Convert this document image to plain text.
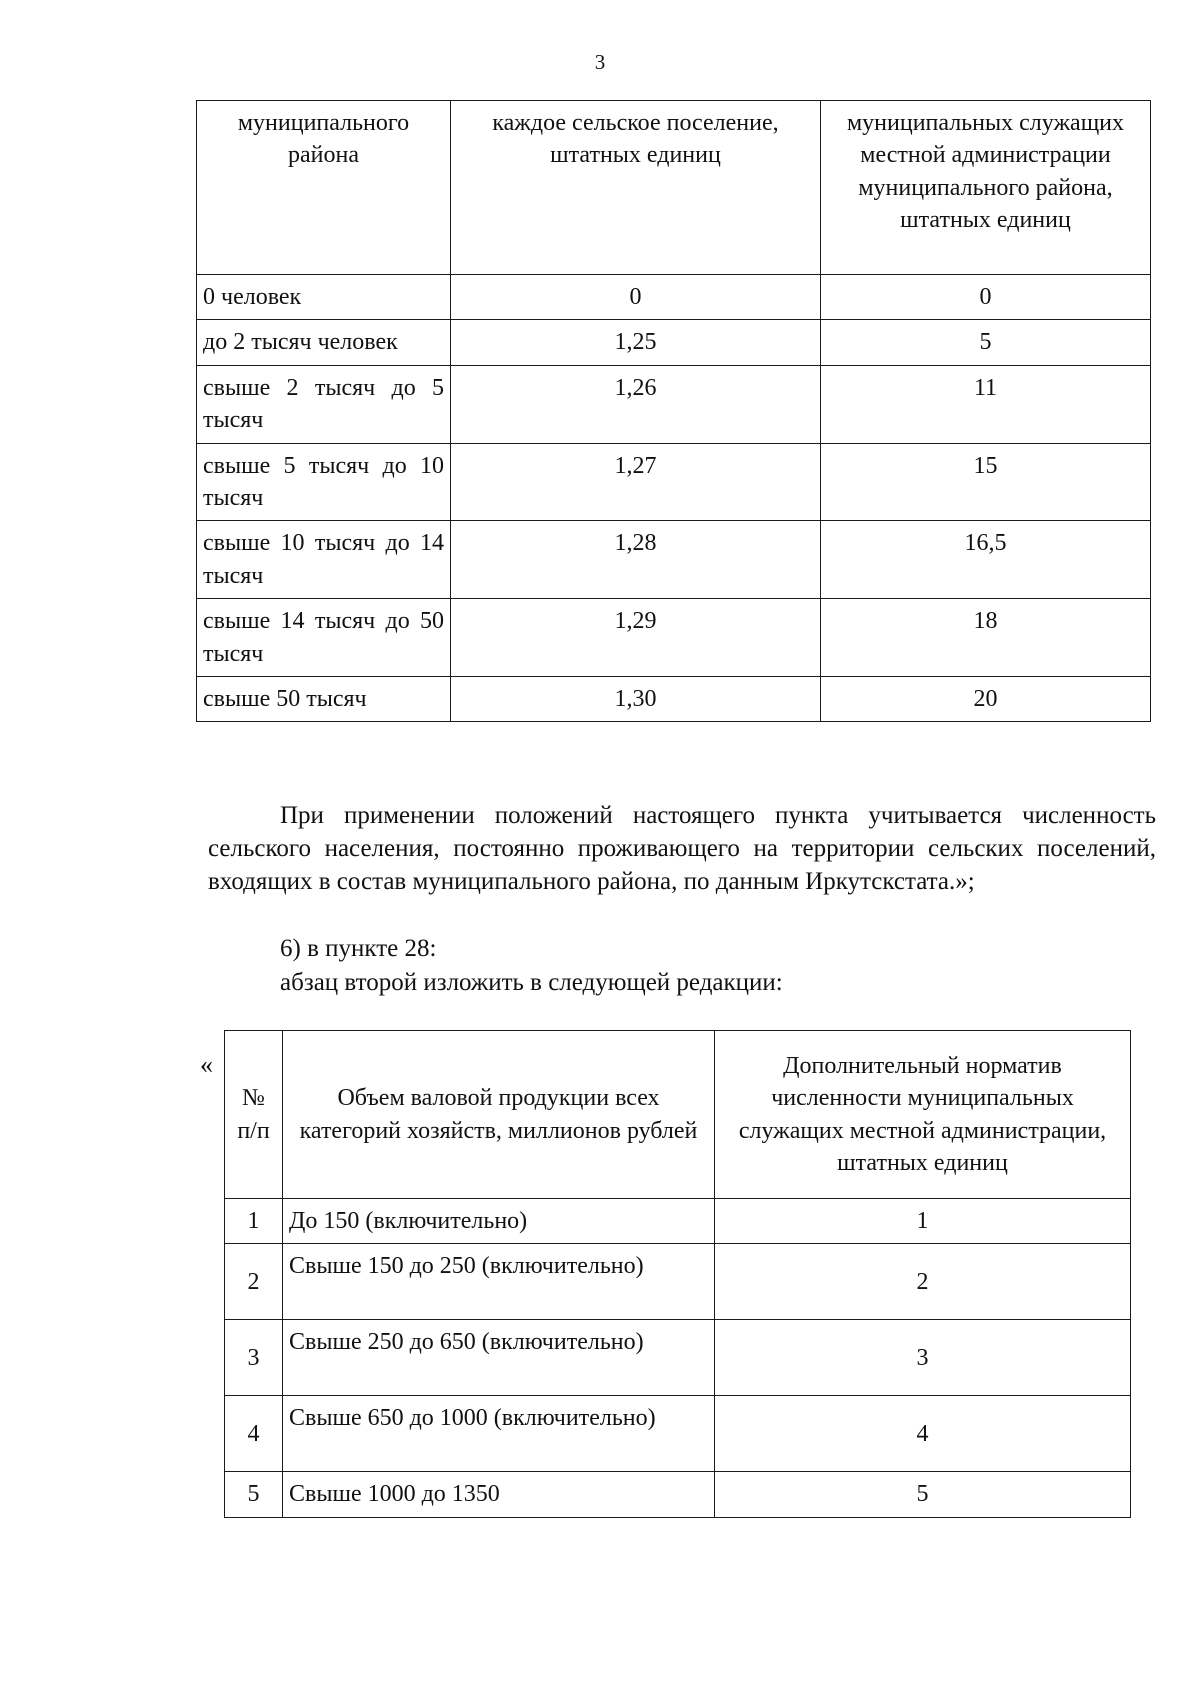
3
муниципального района	каждое сельское поселение, штатных единиц	муниципальных служащих местной администрации муниципального района, штатных единиц
0 человек	0	0
до 2 тысяч человек	1,25	5
свыше 2 тысяч до 5 тысяч	1,26	11
свыше 5 тысяч до 10 тысяч	1,27	15
свыше 10 тысяч до 14 тысяч	1,28	16,5
свыше 14 тысяч до 50 тысяч	1,29	18
свыше 50 тысяч	1,30	20

При применении положений настоящего пункта учитывается численность сельского населения, постоянно проживающего на территории сельских поселений, входящих в состав муниципального района, по данным Иркутскстата.»;

6) в пункте 28:

абзац второй изложить в следующей редакции:

«
№ п/п	Объем валовой продукции всех категорий хозяйств, миллионов рублей	Дополнительный норматив численности муниципальных служащих местной администрации, штатных единиц
1	До 150 (включительно)	1
2	Свыше 150 до 250 (включительно)	2
3	Свыше 250 до 650 (включительно)	3
4	Свыше 650 до 1000 (включительно)	4
5	Свыше 1000 до 1350	5
